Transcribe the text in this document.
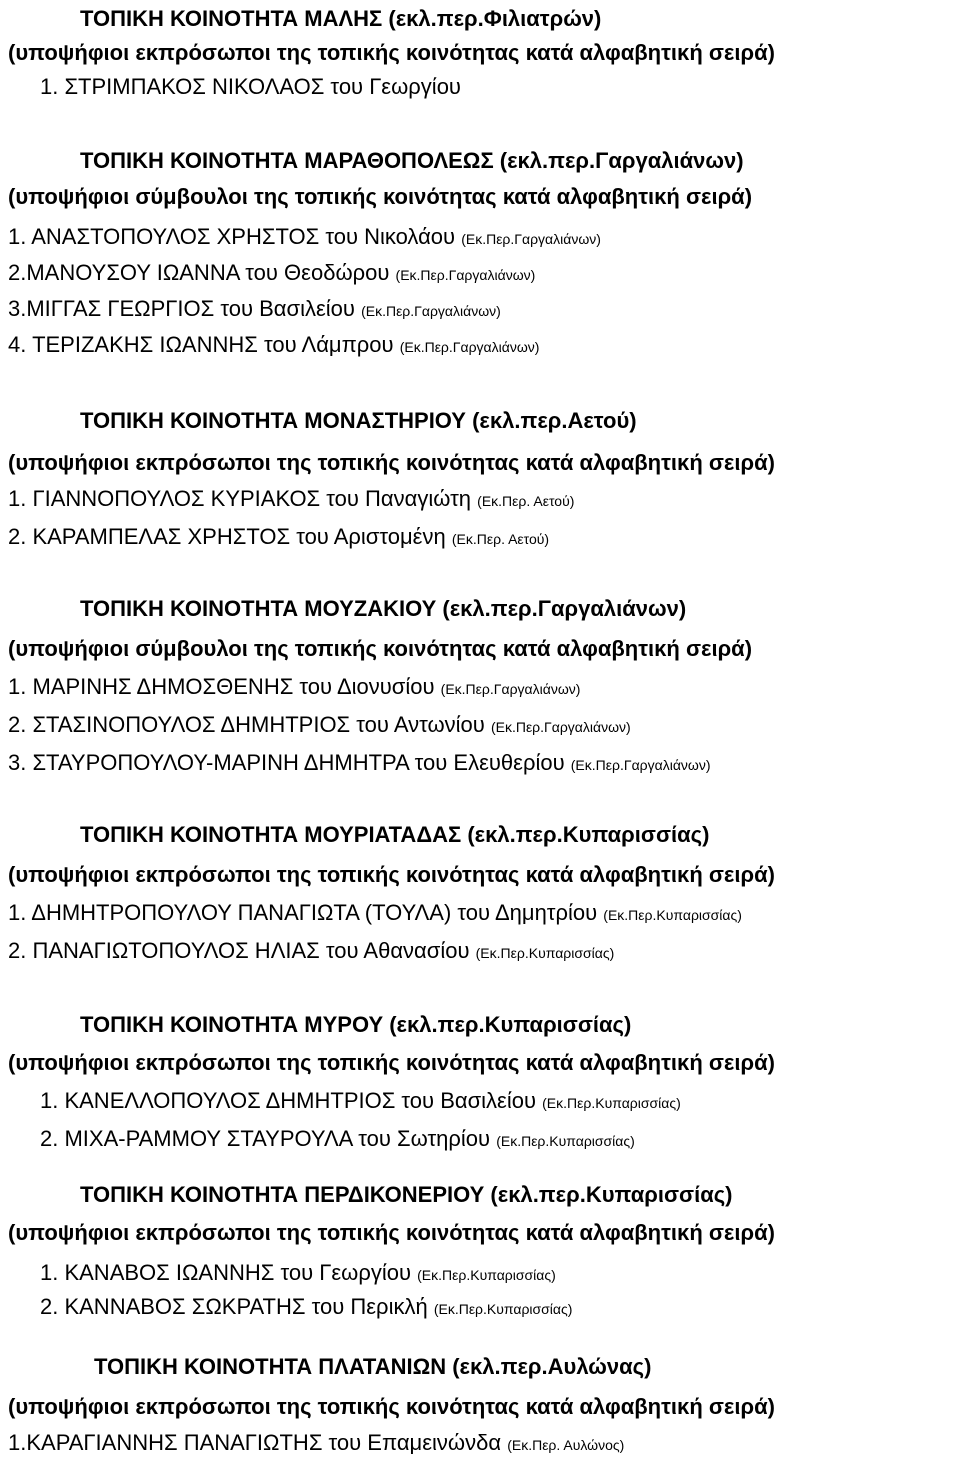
ΤΟΠΙΚΗ ΚΟΙΝΟΤΗΤΑ ΜΑΛΗΣ (εκλ.περ.Φιλιατρών)
(υποψήφιοι εκπρόσωποι της τοπικής κοινότητας κατά αλφαβητική σειρά)
1. ΣΤΡΙΜΠΑΚΟΣ ΝΙΚΟΛΑΟΣ του Γεωργίου
ΤΟΠΙΚΗ ΚΟΙΝΟΤΗΤΑ ΜΑΡΑΘΟΠΟΛΕΩΣ (εκλ.περ.Γαργαλιάνων)
(υποψήφιοι σύμβουλοι της τοπικής κοινότητας κατά αλφαβητική σειρά)
1. ΑΝΑΣΤΟΠΟΥΛΟΣ ΧΡΗΣΤΟΣ του Νικολάου (Εκ.Περ.Γαργαλιάνων)
2.ΜΑΝΟΥΣΟΥ ΙΩΑΝΝΑ του Θεοδώρου (Εκ.Περ.Γαργαλιάνων)
3.ΜΙΓΓΑΣ ΓΕΩΡΓΙΟΣ του Βασιλείου (Εκ.Περ.Γαργαλιάνων)
4. ΤΕΡΙΖΑΚΗΣ ΙΩΑΝΝΗΣ του Λάμπρου (Εκ.Περ.Γαργαλιάνων)
ΤΟΠΙΚΗ ΚΟΙΝΟΤΗΤΑ ΜΟΝΑΣΤΗΡΙΟΥ (εκλ.περ.Αετού)
(υποψήφιοι εκπρόσωποι της τοπικής κοινότητας κατά αλφαβητική σειρά)
1. ΓΙΑΝΝΟΠΟΥΛΟΣ ΚΥΡΙΑΚΟΣ του Παναγιώτη (Εκ.Περ. Αετού)
2. ΚΑΡΑΜΠΕΛΑΣ ΧΡΗΣΤΟΣ του Αριστομένη (Εκ.Περ. Αετού)
ΤΟΠΙΚΗ ΚΟΙΝΟΤΗΤΑ ΜΟΥΖΑΚΙΟΥ (εκλ.περ.Γαργαλιάνων)
(υποψήφιοι σύμβουλοι της τοπικής κοινότητας κατά αλφαβητική σειρά)
1. ΜΑΡΙΝΗΣ ΔΗΜΟΣΘΕΝΗΣ του Διονυσίου (Εκ.Περ.Γαργαλιάνων)
2. ΣΤΑΣΙΝΟΠΟΥΛΟΣ ΔΗΜΗΤΡΙΟΣ του Αντωνίου (Εκ.Περ.Γαργαλιάνων)
3. ΣΤΑΥΡΟΠΟΥΛΟΥ-ΜΑΡΙΝΗ ΔΗΜΗΤΡΑ του Ελευθερίου (Εκ.Περ.Γαργαλιάνων)
ΤΟΠΙΚΗ ΚΟΙΝΟΤΗΤΑ ΜΟΥΡΙΑΤΑΔΑΣ (εκλ.περ.Κυπαρισσίας)
(υποψήφιοι εκπρόσωποι της τοπικής κοινότητας κατά αλφαβητική σειρά)
1. ΔΗΜΗΤΡΟΠΟΥΛΟΥ ΠΑΝΑΓΙΩΤΑ (ΤΟΥΛΑ) του Δημητρίου (Εκ.Περ.Κυπαρισσίας)
2. ΠΑΝΑΓΙΩΤΟΠΟΥΛΟΣ ΗΛΙΑΣ του Αθανασίου (Εκ.Περ.Κυπαρισσίας)
ΤΟΠΙΚΗ ΚΟΙΝΟΤΗΤΑ ΜΥΡΟΥ (εκλ.περ.Κυπαρισσίας)
(υποψήφιοι εκπρόσωποι της τοπικής κοινότητας κατά αλφαβητική σειρά)
1. ΚΑΝΕΛΛΟΠΟΥΛΟΣ ΔΗΜΗΤΡΙΟΣ του Βασιλείου (Εκ.Περ.Κυπαρισσίας)
2. ΜΙΧΑ-ΡΑΜΜΟΥ ΣΤΑΥΡΟΥΛΑ του Σωτηρίου (Εκ.Περ.Κυπαρισσίας)
ΤΟΠΙΚΗ ΚΟΙΝΟΤΗΤΑ ΠΕΡΔΙΚΟΝΕΡΙΟΥ (εκλ.περ.Κυπαρισσίας)
(υποψήφιοι εκπρόσωποι της τοπικής κοινότητας κατά αλφαβητική σειρά)
1. ΚΑΝΑΒΟΣ ΙΩΑΝΝΗΣ του Γεωργίου (Εκ.Περ.Κυπαρισσίας)
2. ΚΑΝΝΑΒΟΣ ΣΩΚΡΑΤΗΣ του Περικλή (Εκ.Περ.Κυπαρισσίας)
ΤΟΠΙΚΗ ΚΟΙΝΟΤΗΤΑ ΠΛΑΤΑΝΙΩΝ (εκλ.περ.Αυλώνας)
(υποψήφιοι εκπρόσωποι της τοπικής κοινότητας κατά αλφαβητική σειρά)
1.ΚΑΡΑΓΙΑΝΝΗΣ ΠΑΝΑΓΙΩΤΗΣ του Επαμεινώνδα (Εκ.Περ. Αυλώνος)
